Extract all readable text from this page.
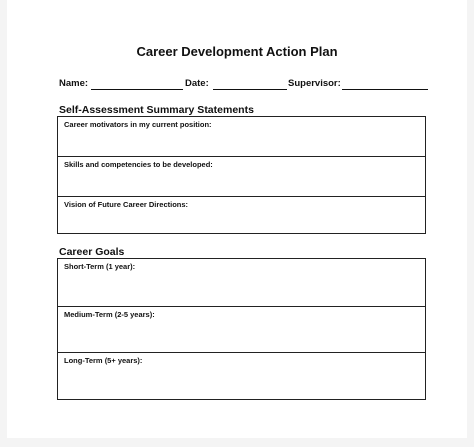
Career Development Action Plan
Name:	Date:	Supervisor:
Self-Assessment Summary Statements
Career motivators in my current position:
Skills and competencies to be developed:
Vision of Future Career Directions:
Career Goals
Short-Term (1 year):
Medium-Term (2-5 years):
Long-Term (5+ years):
